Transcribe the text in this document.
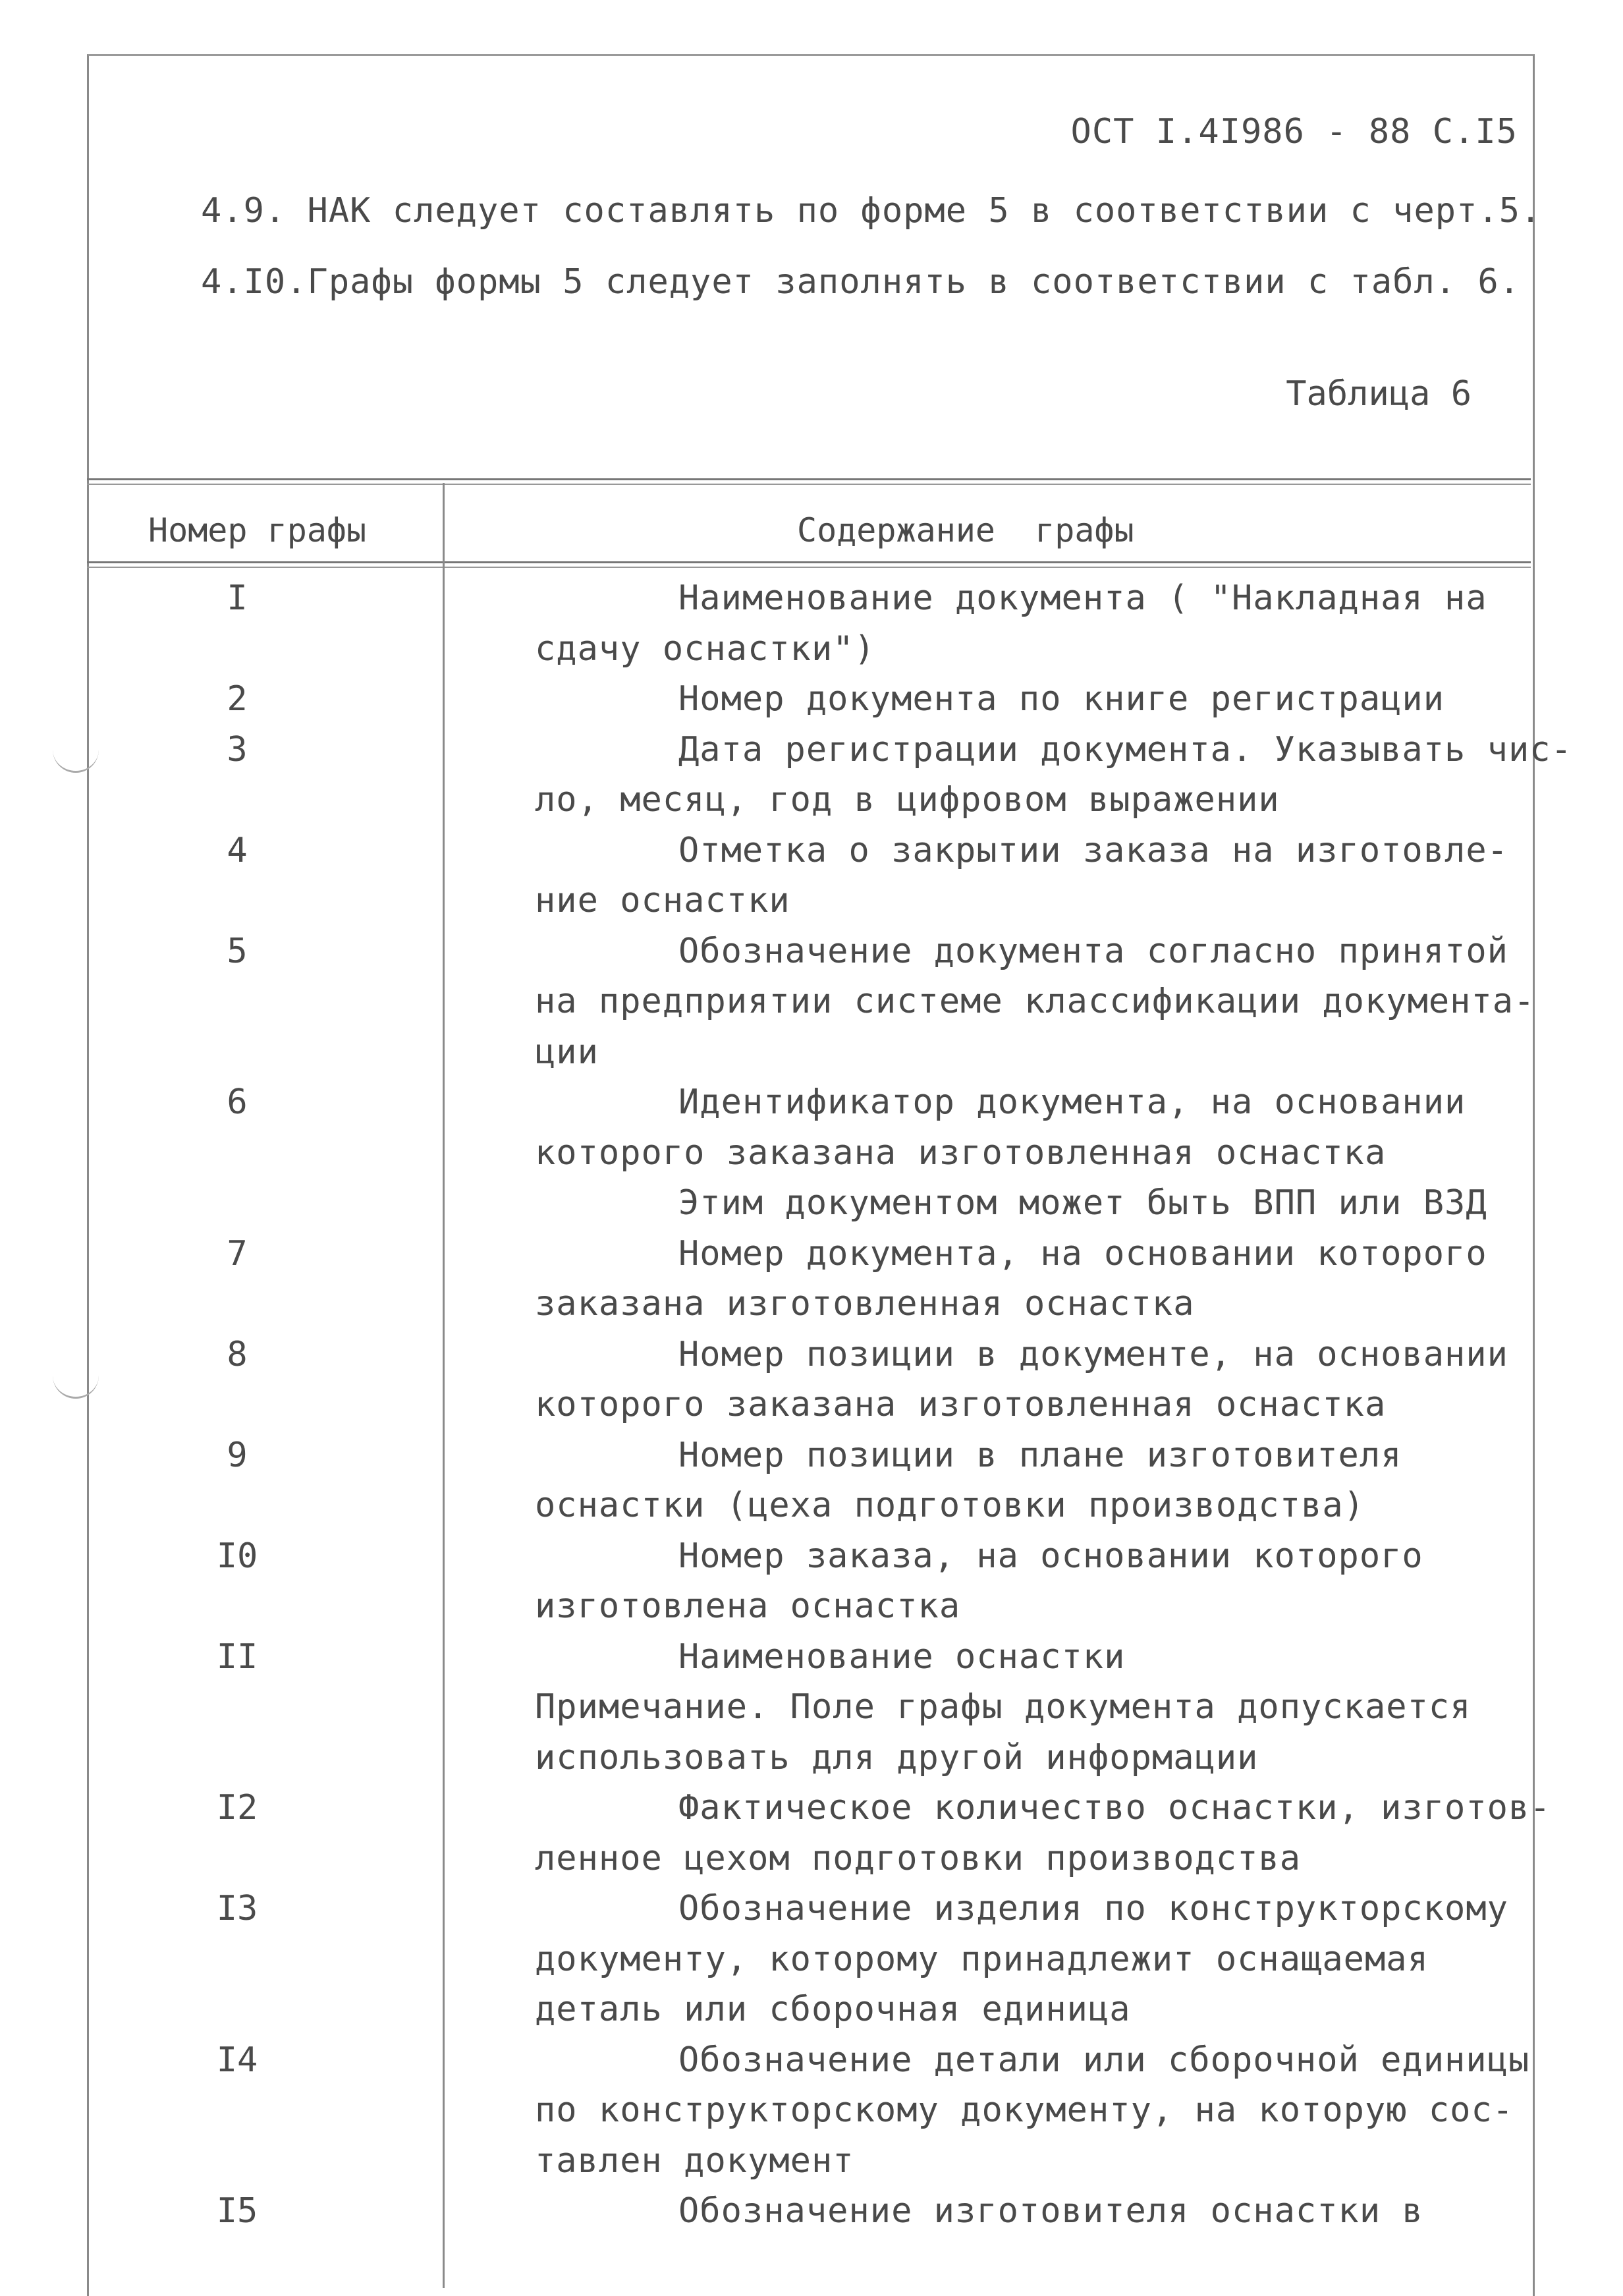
ОСТ I.4I986 - 88 С.I5
4.9. НАК следует составлять по форме 5 в соответствии с черт.5.
4.I0.Графы формы 5 следует заполнять в соответствии с табл. 6.
Таблица 6
Номер графы	Содержание графы
I	Наименование документа ( "Накладная на
сдачу оснастки")
2	Номер документа по книге регистрации
3	Дата регистрации документа. Указывать чис-
ло, месяц, год в цифровом выражении
4	Отметка о закрытии заказа на изготовле-
ние оснастки
5	Обозначение документа согласно принятой
на предприятии системе классификации документа-
ции
6	Идентификатор документа, на основании
которого заказана изготовленная оснастка
Этим документом может быть ВПП или ВЗД
7	Номер документа, на основании которого
заказана изготовленная оснастка
8	Номер позиции в документе, на основании
которого заказана изготовленная оснастка
9	Номер позиции в плане изготовителя
оснастки (цеха подготовки производства)
I0	Номер заказа, на основании которого
изготовлена оснастка
II	Наименование оснастки
Примечание. Поле графы документа допускается
использовать для другой информации
I2	Фактическое количество оснастки, изготов-
ленное цехом подготовки производства
I3	Обозначение изделия по конструкторскому
документу, которому принадлежит оснащаемая
деталь или сборочная единица
I4	Обозначение детали или сборочной единицы
по конструкторскому документу, на которую сос-
тавлен документ
I5	Обозначение изготовителя оснастки в
